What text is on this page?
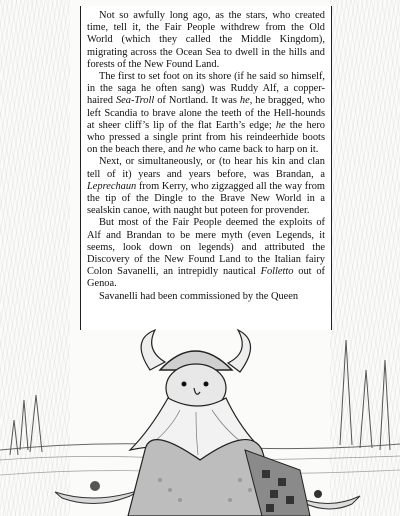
Not so awfully long ago, as the stars, who created time, tell it, the Fair People withdrew from the Old World (which they called the Middle Kingdom), migrating across the Ocean Sea to dwell in the hills and forests of the New Found Land.

The first to set foot on its shore (if he said so himself, in the saga he often sang) was Ruddy Alf, a copper-haired Sea-Troll of Nortland. It was he, he bragged, who left Scandia to brave alone the teeth of the Hell-hounds at sheer cliff’s lip of the flat Earth’s edge; he the hero who pressed a single print from his reindeerhide boots on the beach there, and he who came back to harp on it.

Next, or simultaneously, or (to hear his kin and clan tell of it) years and years before, was Brandan, a Leprechaun from Kerry, who zigzagged all the way from the tip of the Dingle to the Brave New World in a sealskin canoe, with naught but poteen for provender.

But most of the Fair People deemed the exploits of Alf and Brandan to be mere myth (even Legends, it seems, look down on legends) and attributed the Discovery of the New Found Land to the Italian fairy Colon Savanelli, an intrepidly nautical Folletto out of Genoa.

Savanelli had been commissioned by the Queen
